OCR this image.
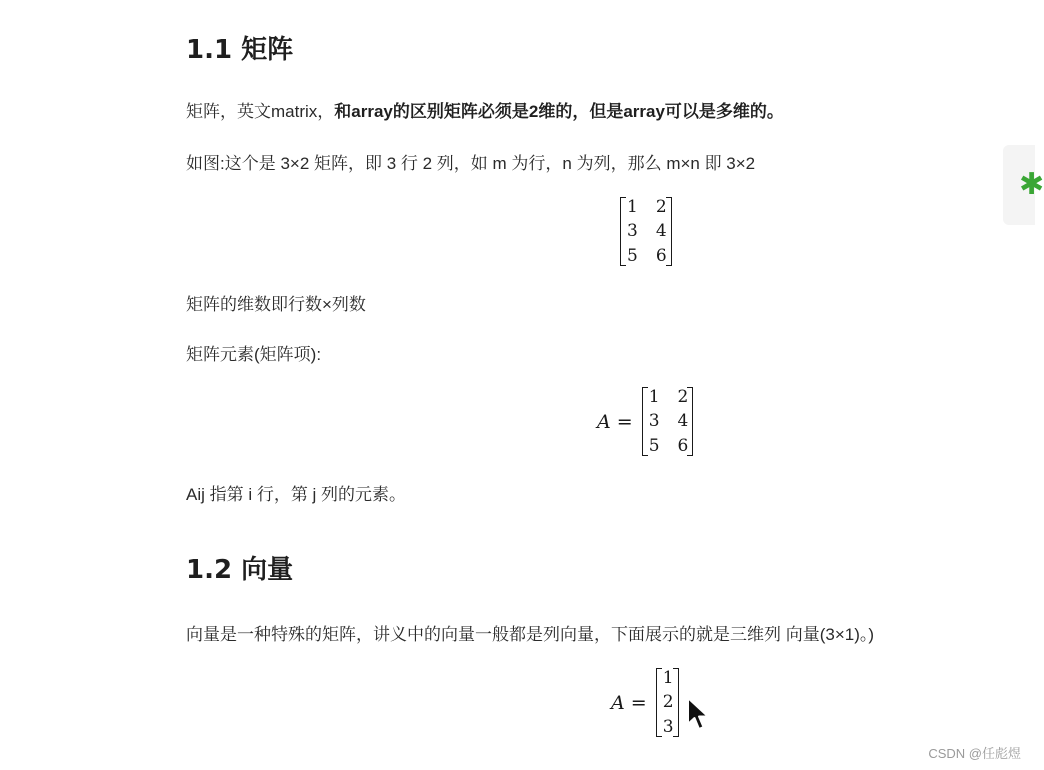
1.1 矩阵

矩阵，英文matrix，和array的区别矩阵必须是2维的，但是array可以是多维的。

如图:这个是 3×2 矩阵，即 3 行 2 列，如 m 为行，n 为列，那么 m×n 即 3×2

1 2
3 4
5 6

矩阵的维数即行数×列数

矩阵元素(矩阵项):

A =
1 2
3 4
5 6

Aij 指第 i 行，第 j 列的元素。

1.2 向量

向量是一种特殊的矩阵，讲义中的向量一般都是列向量，下面展示的就是三维列 向量(3×1)。)

A =
1
2
3
✱
CSDN @任彪煜
